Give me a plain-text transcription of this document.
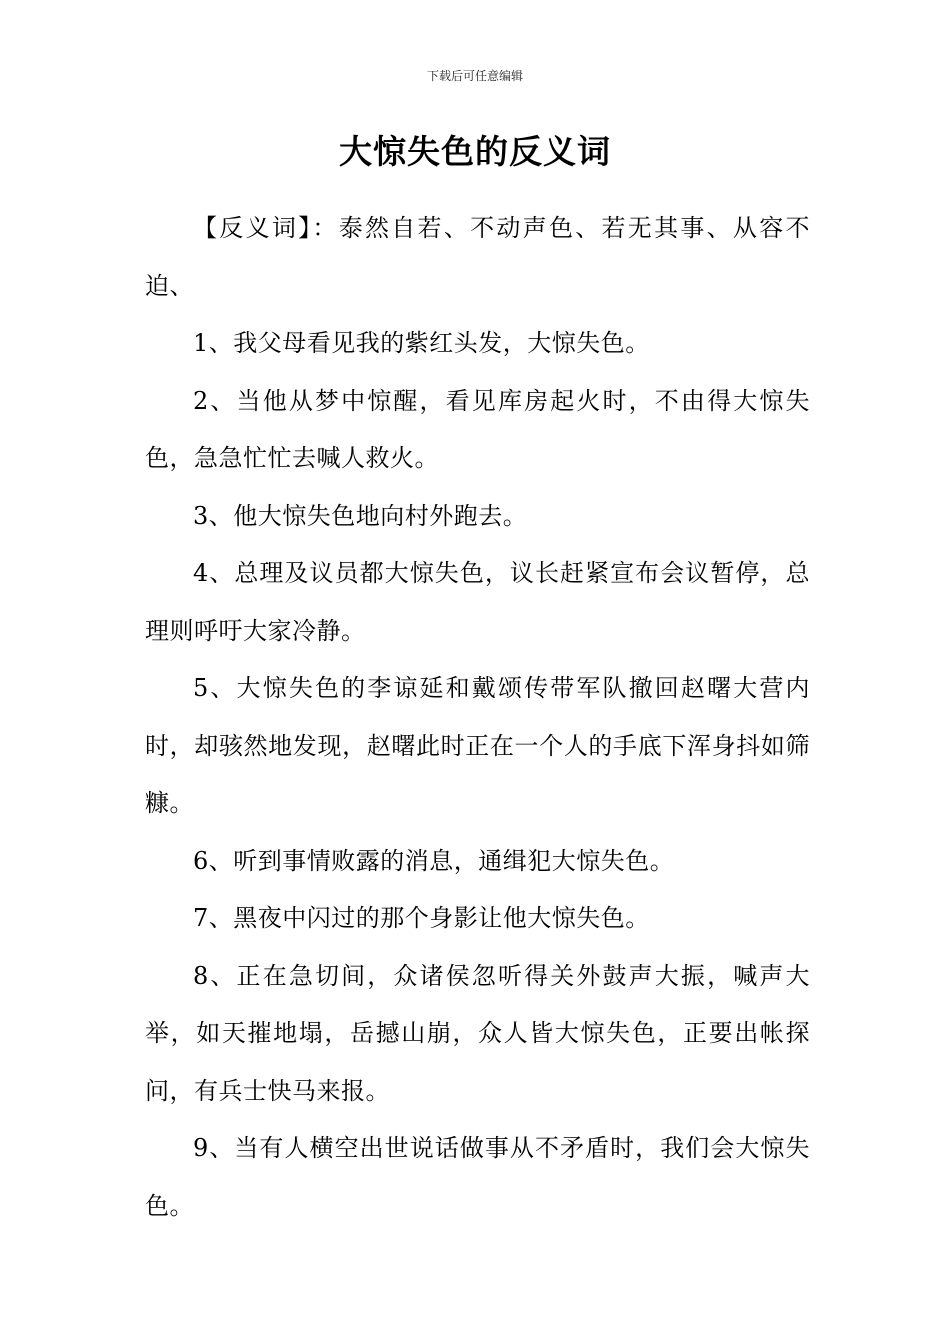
下载后可任意编辑
大惊失色的反义词

【反义词】：泰然自若、不动声色、若无其事、从容不迫、

1、我父母看见我的紫红头发，大惊失色。

2、当他从梦中惊醒，看见库房起火时，不由得大惊失色，急急忙忙去喊人救火。

3、他大惊失色地向村外跑去。

4、总理及议员都大惊失色，议长赶紧宣布会议暂停，总理则呼吁大家冷静。

5、大惊失色的李谅延和戴颂传带军队撤回赵曙大营内时，却骇然地发现，赵曙此时正在一个人的手底下浑身抖如筛糠。

6、听到事情败露的消息，通缉犯大惊失色。

7、黑夜中闪过的那个身影让他大惊失色。

8、正在急切间，众诸侯忽听得关外鼓声大振，喊声大举，如天摧地塌，岳撼山崩，众人皆大惊失色，正要出帐探问，有兵士快马来报。

9、当有人横空出世说话做事从不矛盾时，我们会大惊失色。
